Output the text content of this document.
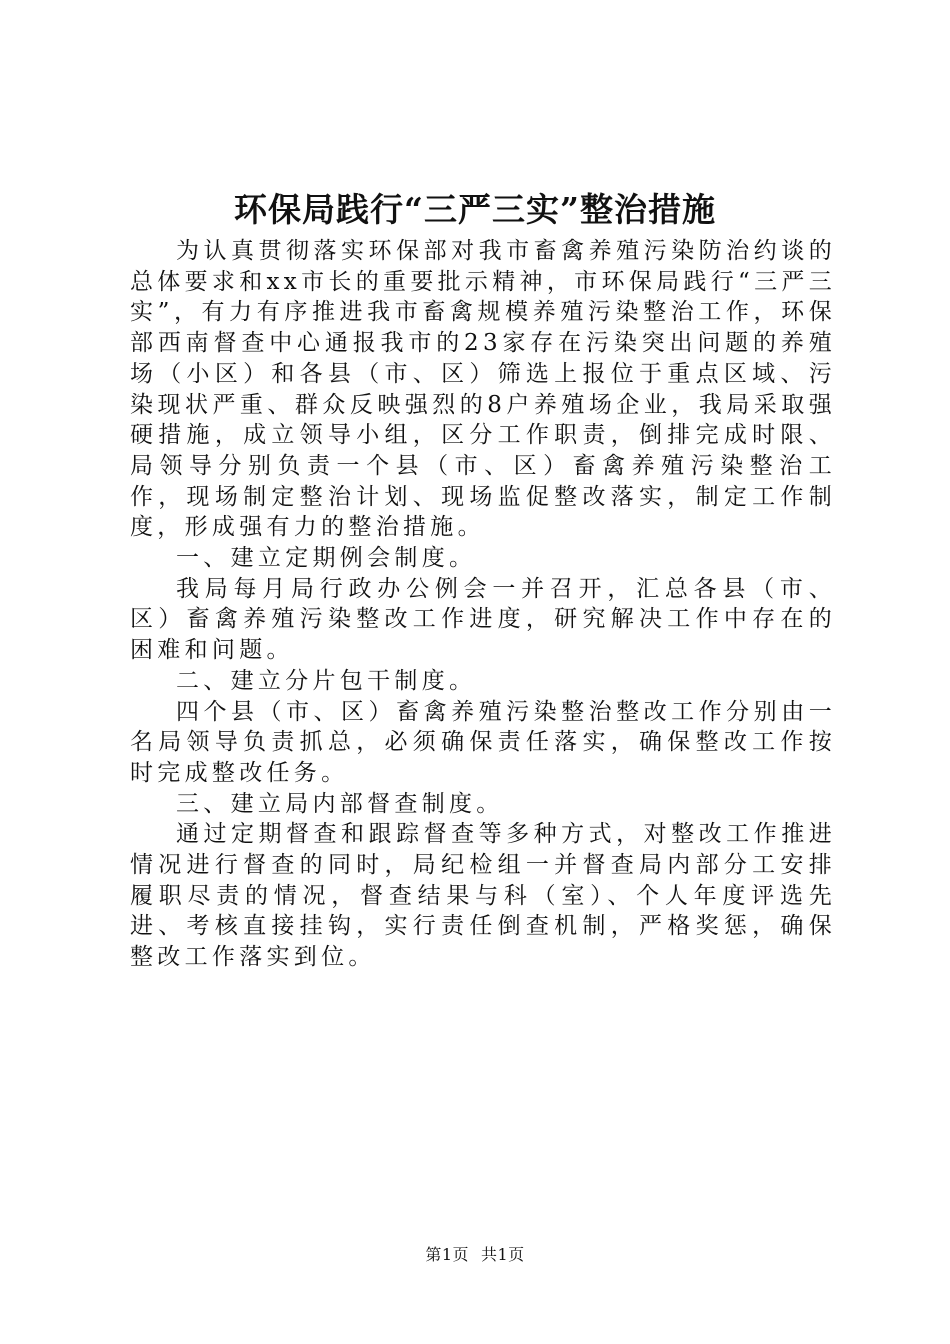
环保局践行“三严三实”整治措施

为认真贯彻落实环保部对我市畜禽养殖污染防治约谈的总体要求和xx市长的重要批示精神，市环保局践行“三严三实”，有力有序推进我市畜禽规模养殖污染整治工作，环保部西南督查中心通报我市的23家存在污染突出问题的养殖场（小区）和各县（市、区）筛选上报位于重点区域、污染现状严重、群众反映强烈的8户养殖场企业，我局采取强硬措施，成立领导小组，区分工作职责，倒排完成时限、局领导分别负责一个县（市、区）畜禽养殖污染整治工作，现场制定整治计划、现场监促整改落实，制定工作制度，形成强有力的整治措施。

一、建立定期例会制度。

我局每月局行政办公例会一并召开，汇总各县（市、区）畜禽养殖污染整改工作进度，研究解决工作中存在的困难和问题。

二、建立分片包干制度。

四个县（市、区）畜禽养殖污染整治整改工作分别由一名局领导负责抓总，必须确保责任落实，确保整改工作按时完成整改任务。

三、建立局内部督查制度。

通过定期督查和跟踪督查等多种方式，对整改工作推进情况进行督查的同时，局纪检组一并督查局内部分工安排履职尽责的情况，督查结果与科（室）、个人年度评选先进、考核直接挂钩，实行责任倒查机制，严格奖惩，确保整改工作落实到位。

第1页 共1页
